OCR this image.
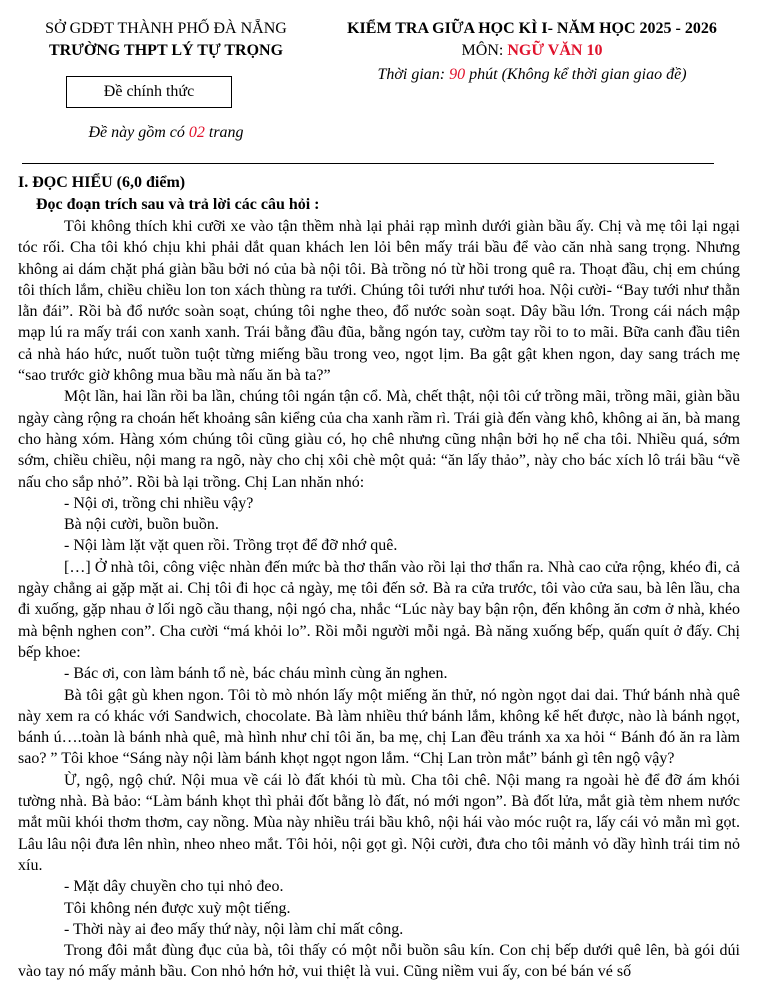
SỞ GDĐT THÀNH PHỐ ĐÀ NẴNG
TRƯỜNG THPT LÝ TỰ TRỌNG
Đề chính thức
Đề này gồm có 02 trang
KIỂM TRA GIỮA HỌC KÌ I- NĂM HỌC 2025 - 2026
MÔN: NGỮ VĂN 10
Thời gian: 90 phút (Không kể thời gian giao đề)
I. ĐỌC HIỂU (6,0 điểm)
Đọc đoạn trích sau và trả lời các câu hỏi :

Tôi không thích khi cưỡi xe vào tận thềm nhà lại phải rạp mình dưới giàn bầu ấy. Chị và mẹ tôi lại ngại tóc rối. Cha tôi khó chịu khi phải dắt quan khách len lỏi bên mấy trái bầu để vào căn nhà sang trọng. Nhưng không ai dám chặt phá giàn bầu bởi nó của bà nội tôi. Bà trồng nó từ hồi trong quê ra. Thoạt đầu, chị em chúng tôi thích lắm, chiều chiều lon ton xách thùng ra tưới. Chúng tôi tưới như tưới hoa. Nội cười- “Bay tưới như thằn lằn đái”. Rồi bà đổ nước soàn soạt, chúng tôi nghe theo, đổ nước soàn soạt. Dây bầu lớn. Trong cái nách mập mạp lú ra mấy trái con xanh xanh. Trái bằng đầu đũa, bằng ngón tay, cườm tay rồi to to mãi. Bữa canh đầu tiên cả nhà háo hức, nuốt tuồn tuột từng miếng bầu trong veo, ngọt lịm. Ba gật gật khen ngon, day sang trách mẹ “sao trước giờ không mua bầu mà nấu ăn bà ta?”

Một lần, hai lần rồi ba lần, chúng tôi ngán tận cổ. Mà, chết thật, nội tôi cứ trồng mãi, trồng mãi, giàn bầu ngày càng rộng ra choán hết khoảng sân kiểng của cha xanh rầm rì. Trái già đến vàng khô, không ai ăn, bà mang cho hàng xóm. Hàng xóm chúng tôi cũng giàu có, họ chê nhưng cũng nhận bởi họ nể cha tôi. Nhiều quá, sớm sớm, chiều chiều, nội mang ra ngõ, này cho chị xôi chè một quả: “ăn lấy thảo”, này cho bác xích lô trái bầu “về nấu cho sắp nhỏ”. Rồi bà lại trồng. Chị Lan nhăn nhó:

- Nội ơi, trồng chi nhiều vậy?

Bà nội cười, buồn buồn.

- Nội làm lặt vặt quen rồi. Trồng trọt để đỡ nhớ quê.

[…] Ở nhà tôi, công việc nhàn đến mức bà thơ thẩn vào rồi lại thơ thẩn ra. Nhà cao cửa rộng, khéo đi, cả ngày chẳng ai gặp mặt ai. Chị tôi đi học cả ngày, mẹ tôi đến sở. Bà ra cửa trước, tôi vào cửa sau, bà lên lầu, cha đi xuống, gặp nhau ở lối ngõ cầu thang, nội ngó cha, nhắc “Lúc này bay bận rộn, đến không ăn cơm ở nhà, khéo mà bệnh nghen con”. Cha cười “má khỏi lo”. Rồi mỗi người mỗi ngả. Bà năng xuống bếp, quấn quít ở đấy. Chị bếp khoe:

- Bác ơi, con làm bánh tổ nè, bác cháu mình cùng ăn nghen.

Bà tôi gật gù khen ngon. Tôi tò mò nhón lấy một miếng ăn thử, nó ngòn ngọt dai dai. Thứ bánh nhà quê này xem ra có khác với Sandwich, chocolate. Bà làm nhiều thứ bánh lắm, không kể hết được, nào là bánh ngọt, bánh ú….toàn là bánh nhà quê, mà hình như chỉ tôi ăn, ba mẹ, chị Lan đều tránh xa xa hỏi “ Bánh đó ăn ra làm sao? ” Tôi khoe “Sáng này nội làm bánh khọt ngọt ngon lắm. “Chị Lan tròn mắt” bánh gì tên ngộ vậy?

Ừ, ngộ, ngộ chứ. Nội mua về cái lò đất khói tù mù. Cha tôi chê. Nội mang ra ngoài hè để đỡ ám khói tường nhà. Bà bảo: “Làm bánh khọt thì phải đốt bằng lò đất, nó mới ngon”. Bà đốt lửa, mắt già tèm nhem nước mắt mũi khói thơm thơm, cay nồng. Mùa này nhiều trái bầu khô, nội hái vào móc ruột ra, lấy cái vỏ mằn mì gọt. Lâu lâu nội đưa lên nhìn, nheo nheo mắt. Tôi hỏi, nội gọt gì. Nội cười, đưa cho tôi mảnh vỏ dầy hình trái tim nỏ xíu.

- Mặt dây chuyền cho tụi nhỏ đeo.

Tôi không nén được xuỳ một tiếng.

- Thời này ai đeo mấy thứ này, nội làm chỉ mất công.

Trong đôi mắt đùng đục của bà, tôi thấy có một nỗi buồn sâu kín. Con chị bếp dưới quê lên, bà gói dúi vào tay nó mấy mảnh bầu. Con nhỏ hớn hở, vui thiệt là vui. Cũng niềm vui ấy, con bé bán vé số
